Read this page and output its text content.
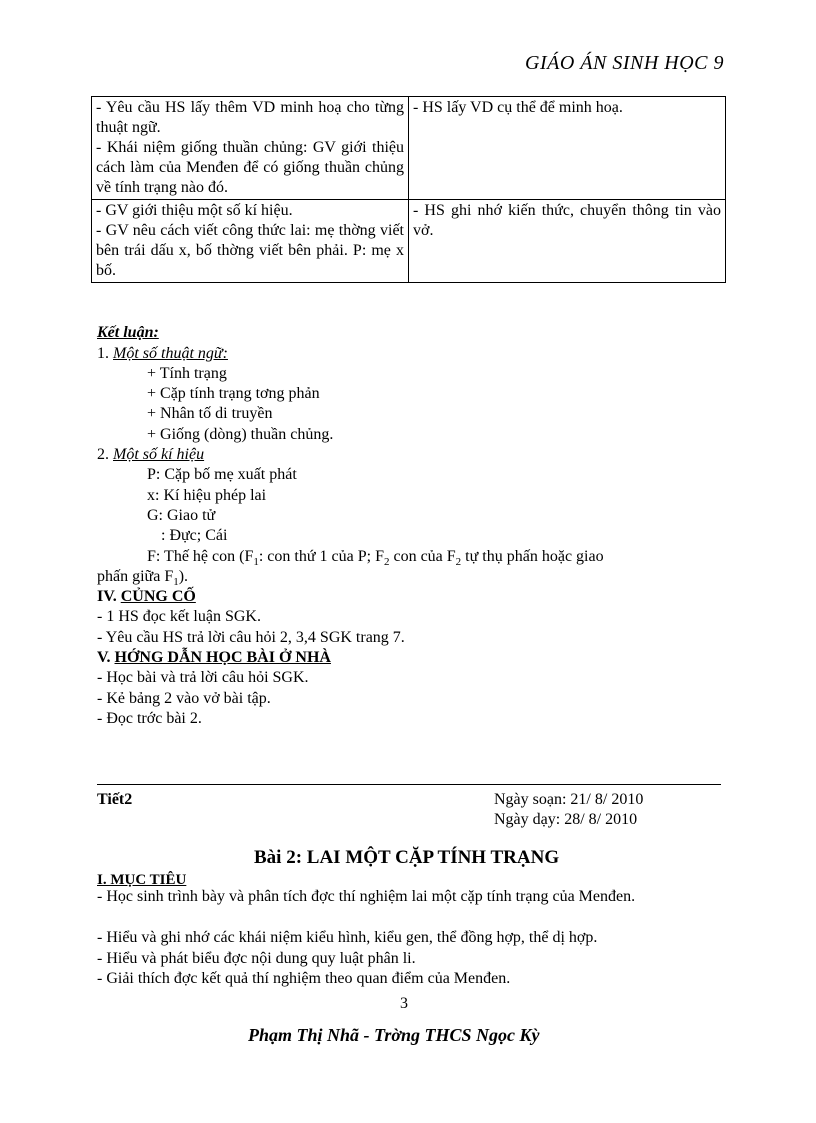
GIÁO ÁN SINH HỌC 9
- Yêu cầu HS lấy thêm VD minh hoạ cho từng thuật ngữ.
- Khái niệm giống thuần chủng: GV giới thiệu cách làm của Menđen để có giống thuần chủng về tính trạng nào đó.	- HS lấy VD cụ thể để minh hoạ.

- GV giới thiệu một số kí hiệu.
- GV nêu cách viết công thức lai: mẹ thờng viết bên trái dấu x, bố thờng viết bên phải. P: mẹ x bố.	- HS ghi nhớ kiến thức, chuyển thông tin vào vở.
Kết luận:
1. Một số thuật ngữ:
+ Tính trạng
+ Cặp tính trạng tơng phản
+ Nhân tố di truyền
+ Giống (dòng) thuần chủng.
2. Một số kí hiệu
P: Cặp bố mẹ xuất phát
x: Kí hiệu phép lai
G: Giao tử
: Đực; Cái
F: Thế hệ con ($F_1$: con thứ 1 của P; $F_2$ con của $F_2$ tự thụ phấn hoặc giao
phấn giữa $F_1$).
IV. CỦNG CỐ
- 1 HS đọc kết luận SGK.
- Yêu cầu HS trả lời câu hỏi 2, 3,4 SGK trang 7.
V. HỚNG DẪN HỌC BÀI Ở NHÀ
- Học bài và trả lời câu hỏi SGK.
- Kẻ bảng 2 vào vở bài tập.
- Đọc trớc bài 2.
Tiết2	Ngày soạn: 21/ 8/ 2010
Ngày dạy: 28/ 8/ 2010
Bài 2: LAI MỘT CẶP TÍNH TRẠNG
I. MỤC TIÊU
- Học sinh trình bày và phân tích đợc thí nghiệm lai một cặp tính trạng của Menđen.
- Hiểu và ghi nhớ các khái niệm kiểu hình, kiểu gen, thể đồng hợp, thể dị hợp.
- Hiểu và phát biểu đợc nội dung quy luật phân li.
- Giải thích đợc kết quả thí nghiệm theo quan điểm của Menđen.
3
Phạm Thị Nhã - Trờng THCS Ngọc Kỳ
